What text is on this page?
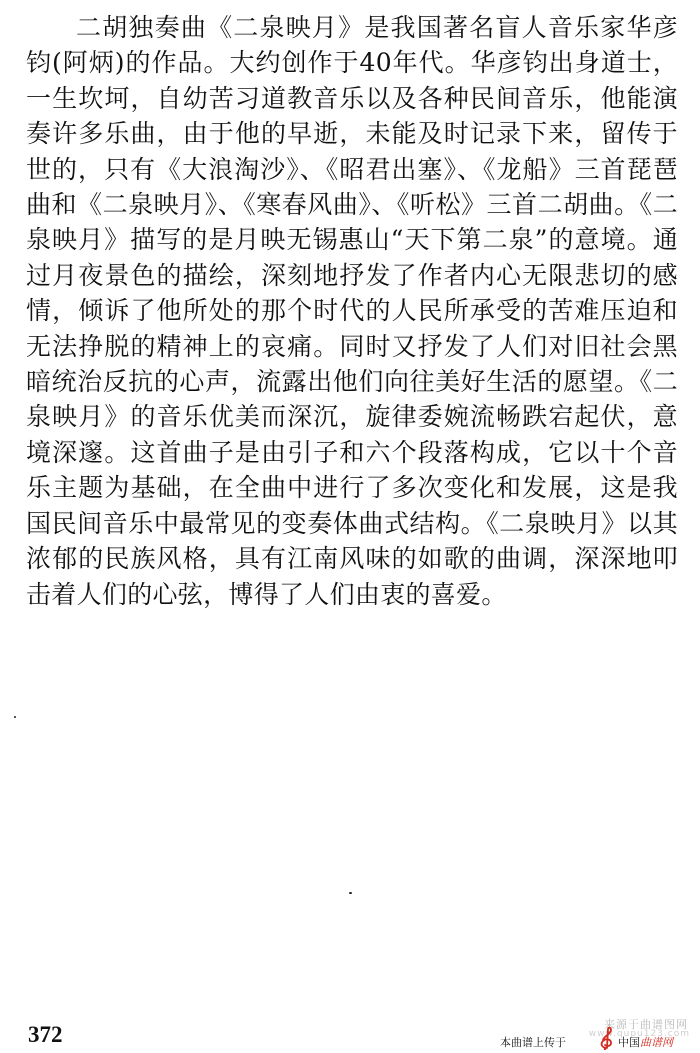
二胡独奏曲《二泉映月》是我国著名盲人音乐家华彦钧(阿炳)的作品。大约创作于40年代。华彦钧出身道士，一生坎坷，自幼苦习道教音乐以及各种民间音乐，他能演奏许多乐曲，由于他的早逝，未能及时记录下来，留传于世的，只有《大浪淘沙》、《昭君出塞》、《龙船》三首琵琶曲和《二泉映月》、《寒春风曲》、《听松》三首二胡曲。《二泉映月》描写的是月映无锡惠山“天下第二泉”的意境。通过月夜景色的描绘，深刻地抒发了作者内心无限悲切的感情，倾诉了他所处的那个时代的人民所承受的苦难压迫和无法挣脱的精神上的哀痛。同时又抒发了人们对旧社会黑暗统治反抗的心声，流露出他们向往美好生活的愿望。《二泉映月》的音乐优美而深沉，旋律委婉流畅跌宕起伏，意境深邃。这首曲子是由引子和六个段落构成，它以十个音乐主题为基础，在全曲中进行了多次变化和发展，这是我国民间音乐中最常见的变奏体曲式结构。《二泉映月》以其浓郁的民族风格，具有江南风味的如歌的曲调，深深地叩击着人们的心弦，博得了人们由衷的喜爱。

372	来源于曲谱图网
www.qupu123.com
本曲谱上传于	中国曲谱网
